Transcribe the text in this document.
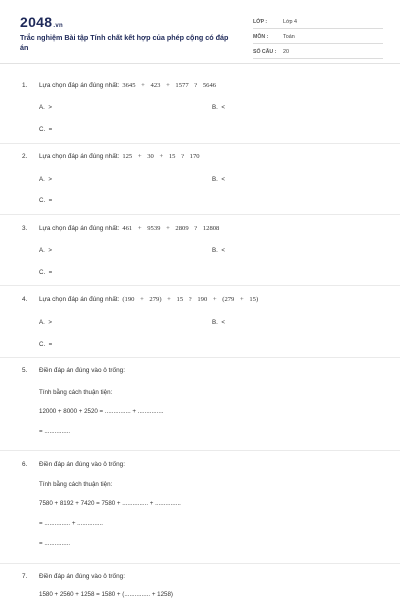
2048.vn
Trắc nghiệm Bài tập Tính chất kết hợp của phép cộng có đáp án
LỚP :	Lớp 4
MÔN :	Toán
SỐ CÂU :	20
1.	Lựa chọn đáp án đúng nhất: 3645 + 423 + 1577 ? 5646
A. >	B. <
C. =
2.	Lựa chọn đáp án đúng nhất: 125 + 30 + 15 ? 170
A. >	B. <
C. =
3.	Lựa chọn đáp án đúng nhất: 461 + 9539 + 2809 ? 12808
A. >	B. <
C. =
4.	Lựa chọn đáp án đúng nhất: (190 + 279) + 15 ? 190 + (279 + 15)
A. >	B. <
C. =
5.	Điền đáp án đúng vào ô trống:
Tính bằng cách thuận tiện:
12000 + 8000 + 2520 = ............... + ...............
= ...............
6.	Điền đáp án đúng vào ô trống:
Tính bằng cách thuận tiện:
7580 + 8192 + 7420 = 7580 + ............... + ...............
= ............... + ...............
= ...............
7.	Điền đáp án đúng vào ô trống:
1580 + 2560 + 1258 = 1580 + (............... + 1258)
